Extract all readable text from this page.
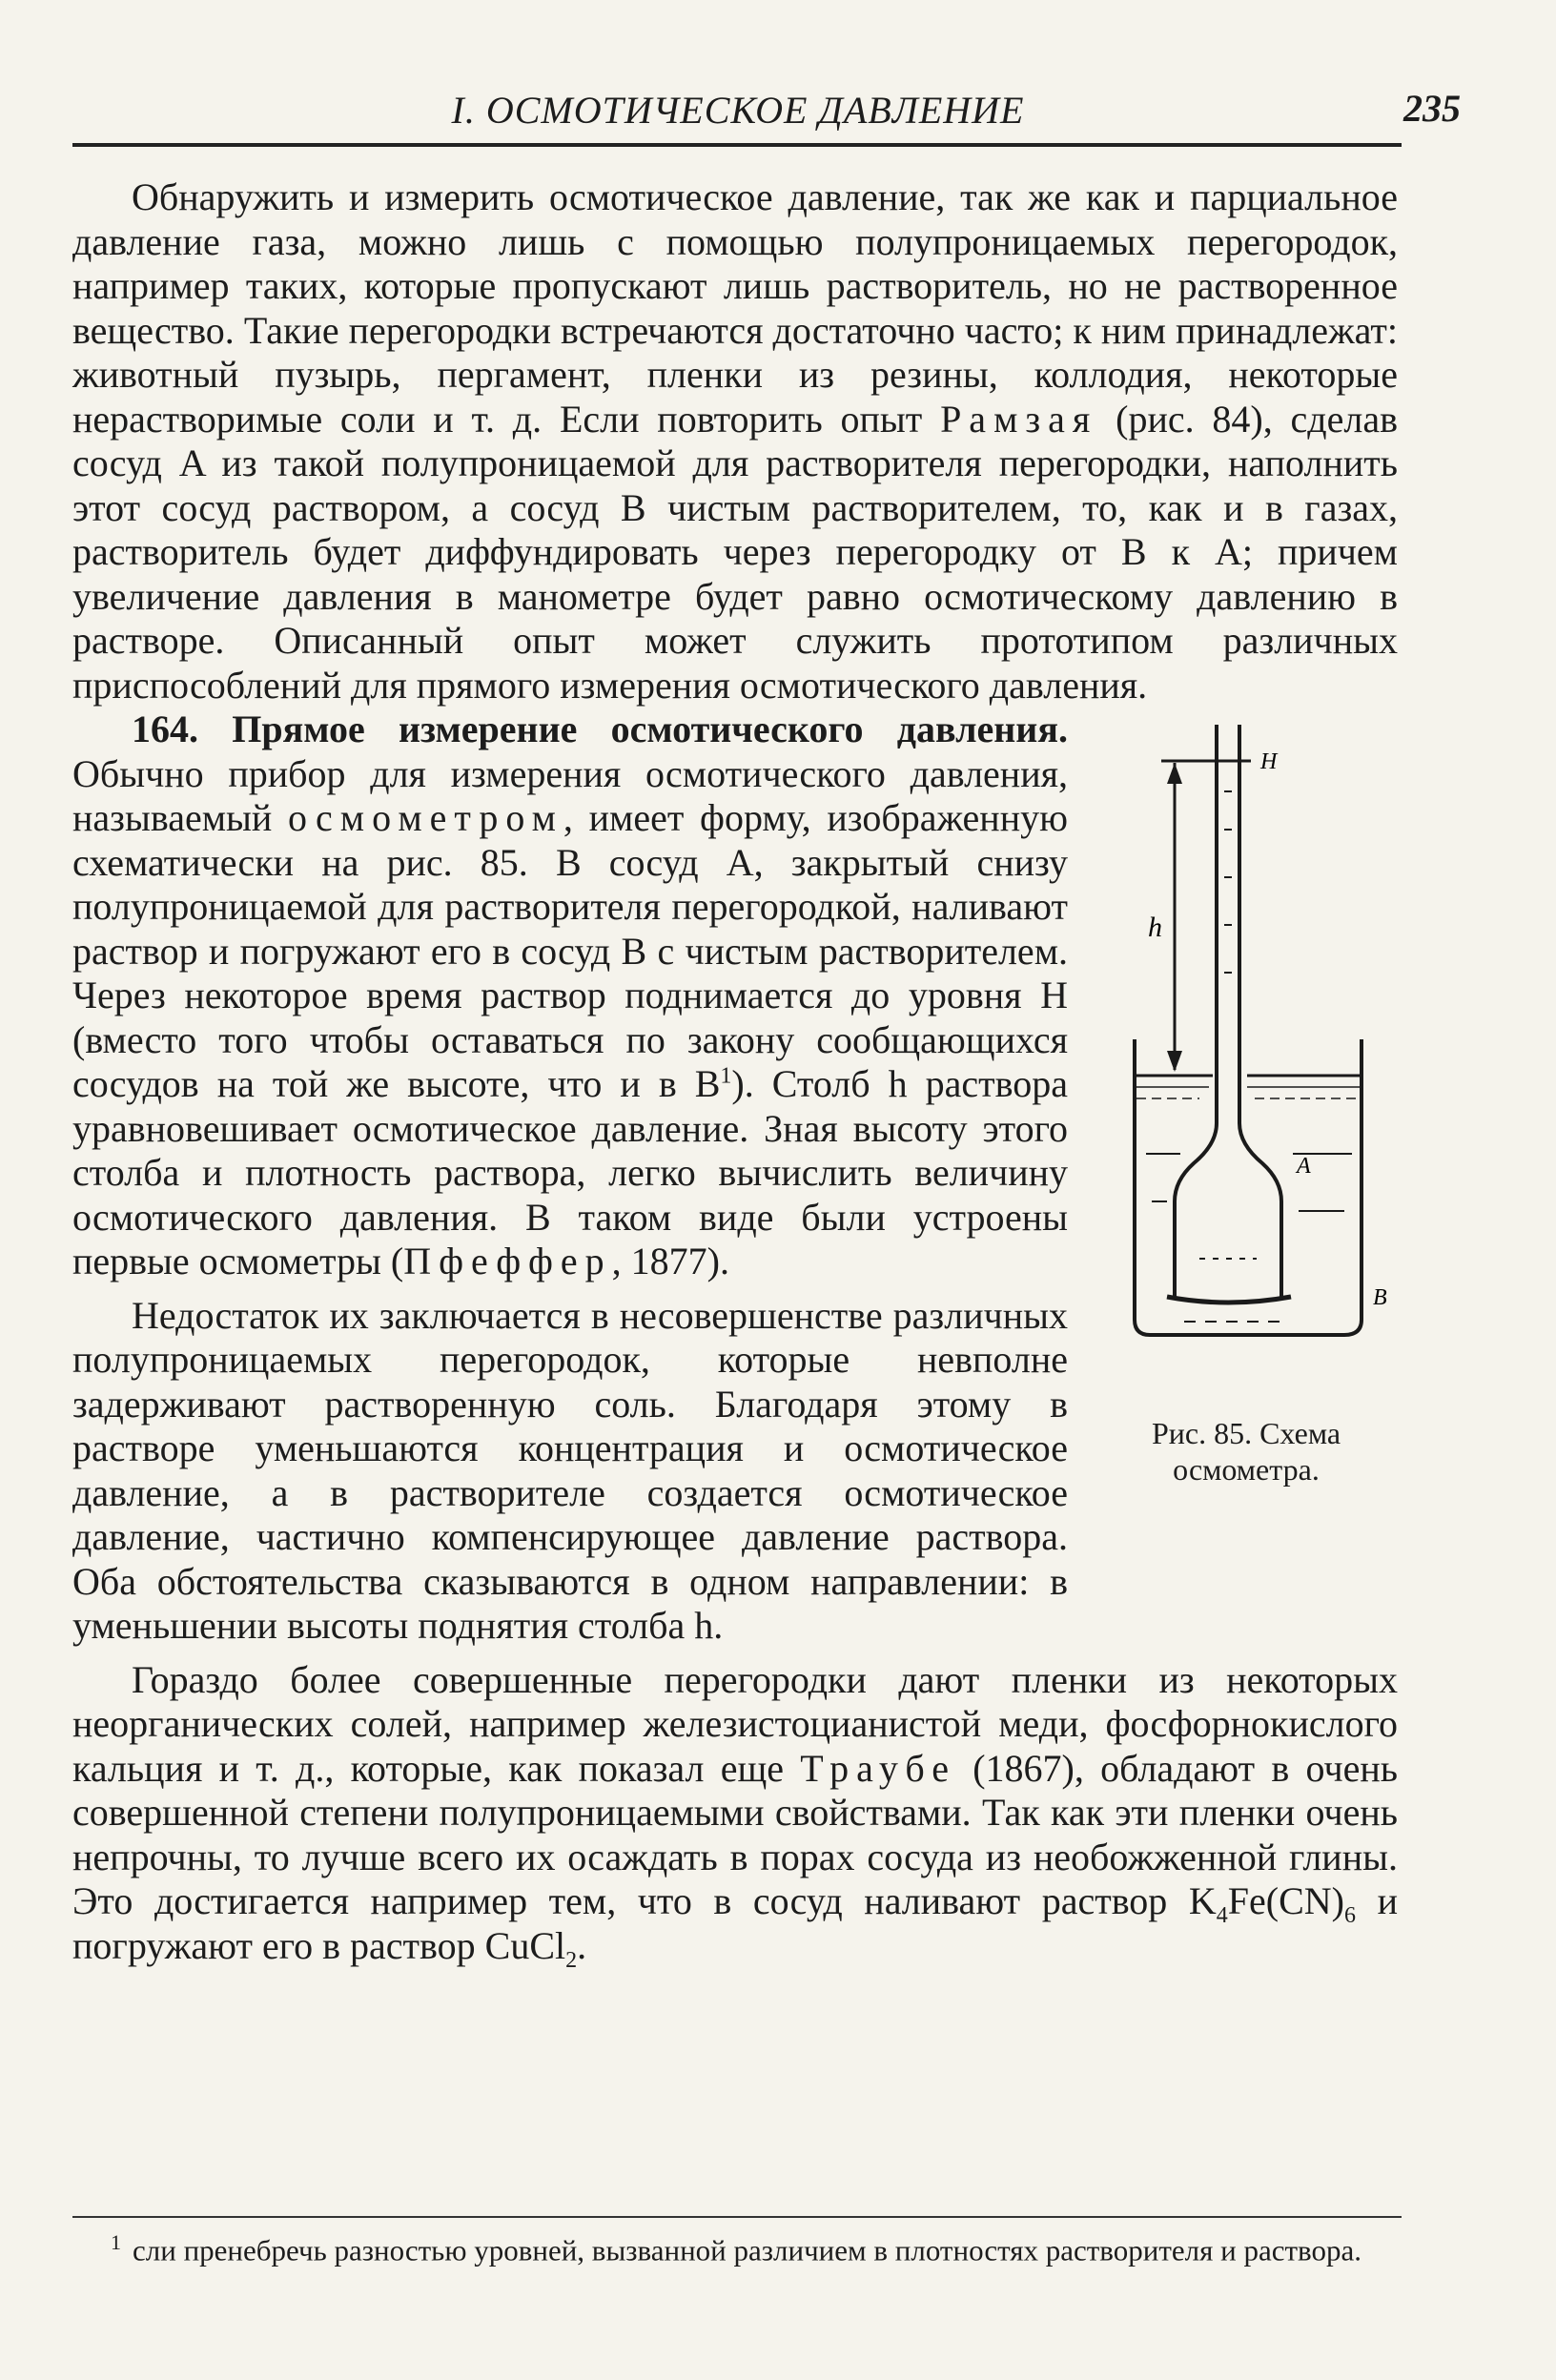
I. ОСМОТИЧЕСКОЕ ДАВЛЕНИЕ	235

Обнаружить и измерить осмотическое давление, так же как и парциальное давление газа, можно лишь с помощью полупроницаемых перегородок, например таких, которые пропускают лишь растворитель, но не растворенное вещество. Такие перегородки встречаются достаточно часто; к ним принадлежат: животный пузырь, пергамент, пленки из резины, коллодия, некоторые нерастворимые соли и т. д. Если повторить опыт Рамзая (рис. 84), сделав сосуд A из такой полупроницаемой для растворителя перегородки, наполнить этот сосуд раствором, а сосуд B чистым растворителем, то, как и в газах, растворитель будет диффундировать через перегородку от B к A; причем увеличение давления в манометре будет равно осмотическому давлению в растворе. Описанный опыт может служить прототипом различных приспособлений для прямого измерения осмотического давления.

H
h
A
B
Рис. 85. Схема осмометра.

164. Прямое измерение осмотического давления. Обычно прибор для измерения осмотического давления, называемый осмометром, имеет форму, изображенную схематически на рис. 85. В сосуд A, закрытый снизу полупроницаемой для растворителя перегородкой, наливают раствор и погружают его в сосуд B с чистым растворителем. Через некоторое время раствор поднимается до уровня H (вместо того чтобы оставаться по закону сообщающихся сосудов на той же высоте, что и в $B^1$). Столб h раствора уравновешивает осмотическое давление. Зная высоту этого столба и плотность раствора, легко вычислить величину осмотического давления. В таком виде были устроены первые осмометры (Пфеффер, 1877).

Недостаток их заключается в несовершенстве различных полупроницаемых перегородок, которые невполне задерживают растворенную соль. Благодаря этому в растворе уменьшаются концентрация и осмотическое давление, а в растворителе создается осмотическое давление, частично компенсирующее давление раствора. Оба обстоятельства сказываются в одном направлении: в уменьшении высоты поднятия столба h.

Гораздо более совершенные перегородки дают пленки из некоторых неорганических солей, например железистоцианистой меди, фосфорнокислого кальция и т. д., которые, как показал еще Траубе (1867), обладают в очень совершенной степени полупроницаемыми свойствами. Так как эти пленки очень непрочны, то лучше всего их осаждать в порах сосуда из необожженной глины. Это достигается например тем, что в сосуд наливают раствор $K_4Fe(CN)_6$ и погружают его в раствор CuCl$_2$.

$^1$ сли пренебречь разностью уровней, вызванной различием в плотностях растворителя и раствора.
